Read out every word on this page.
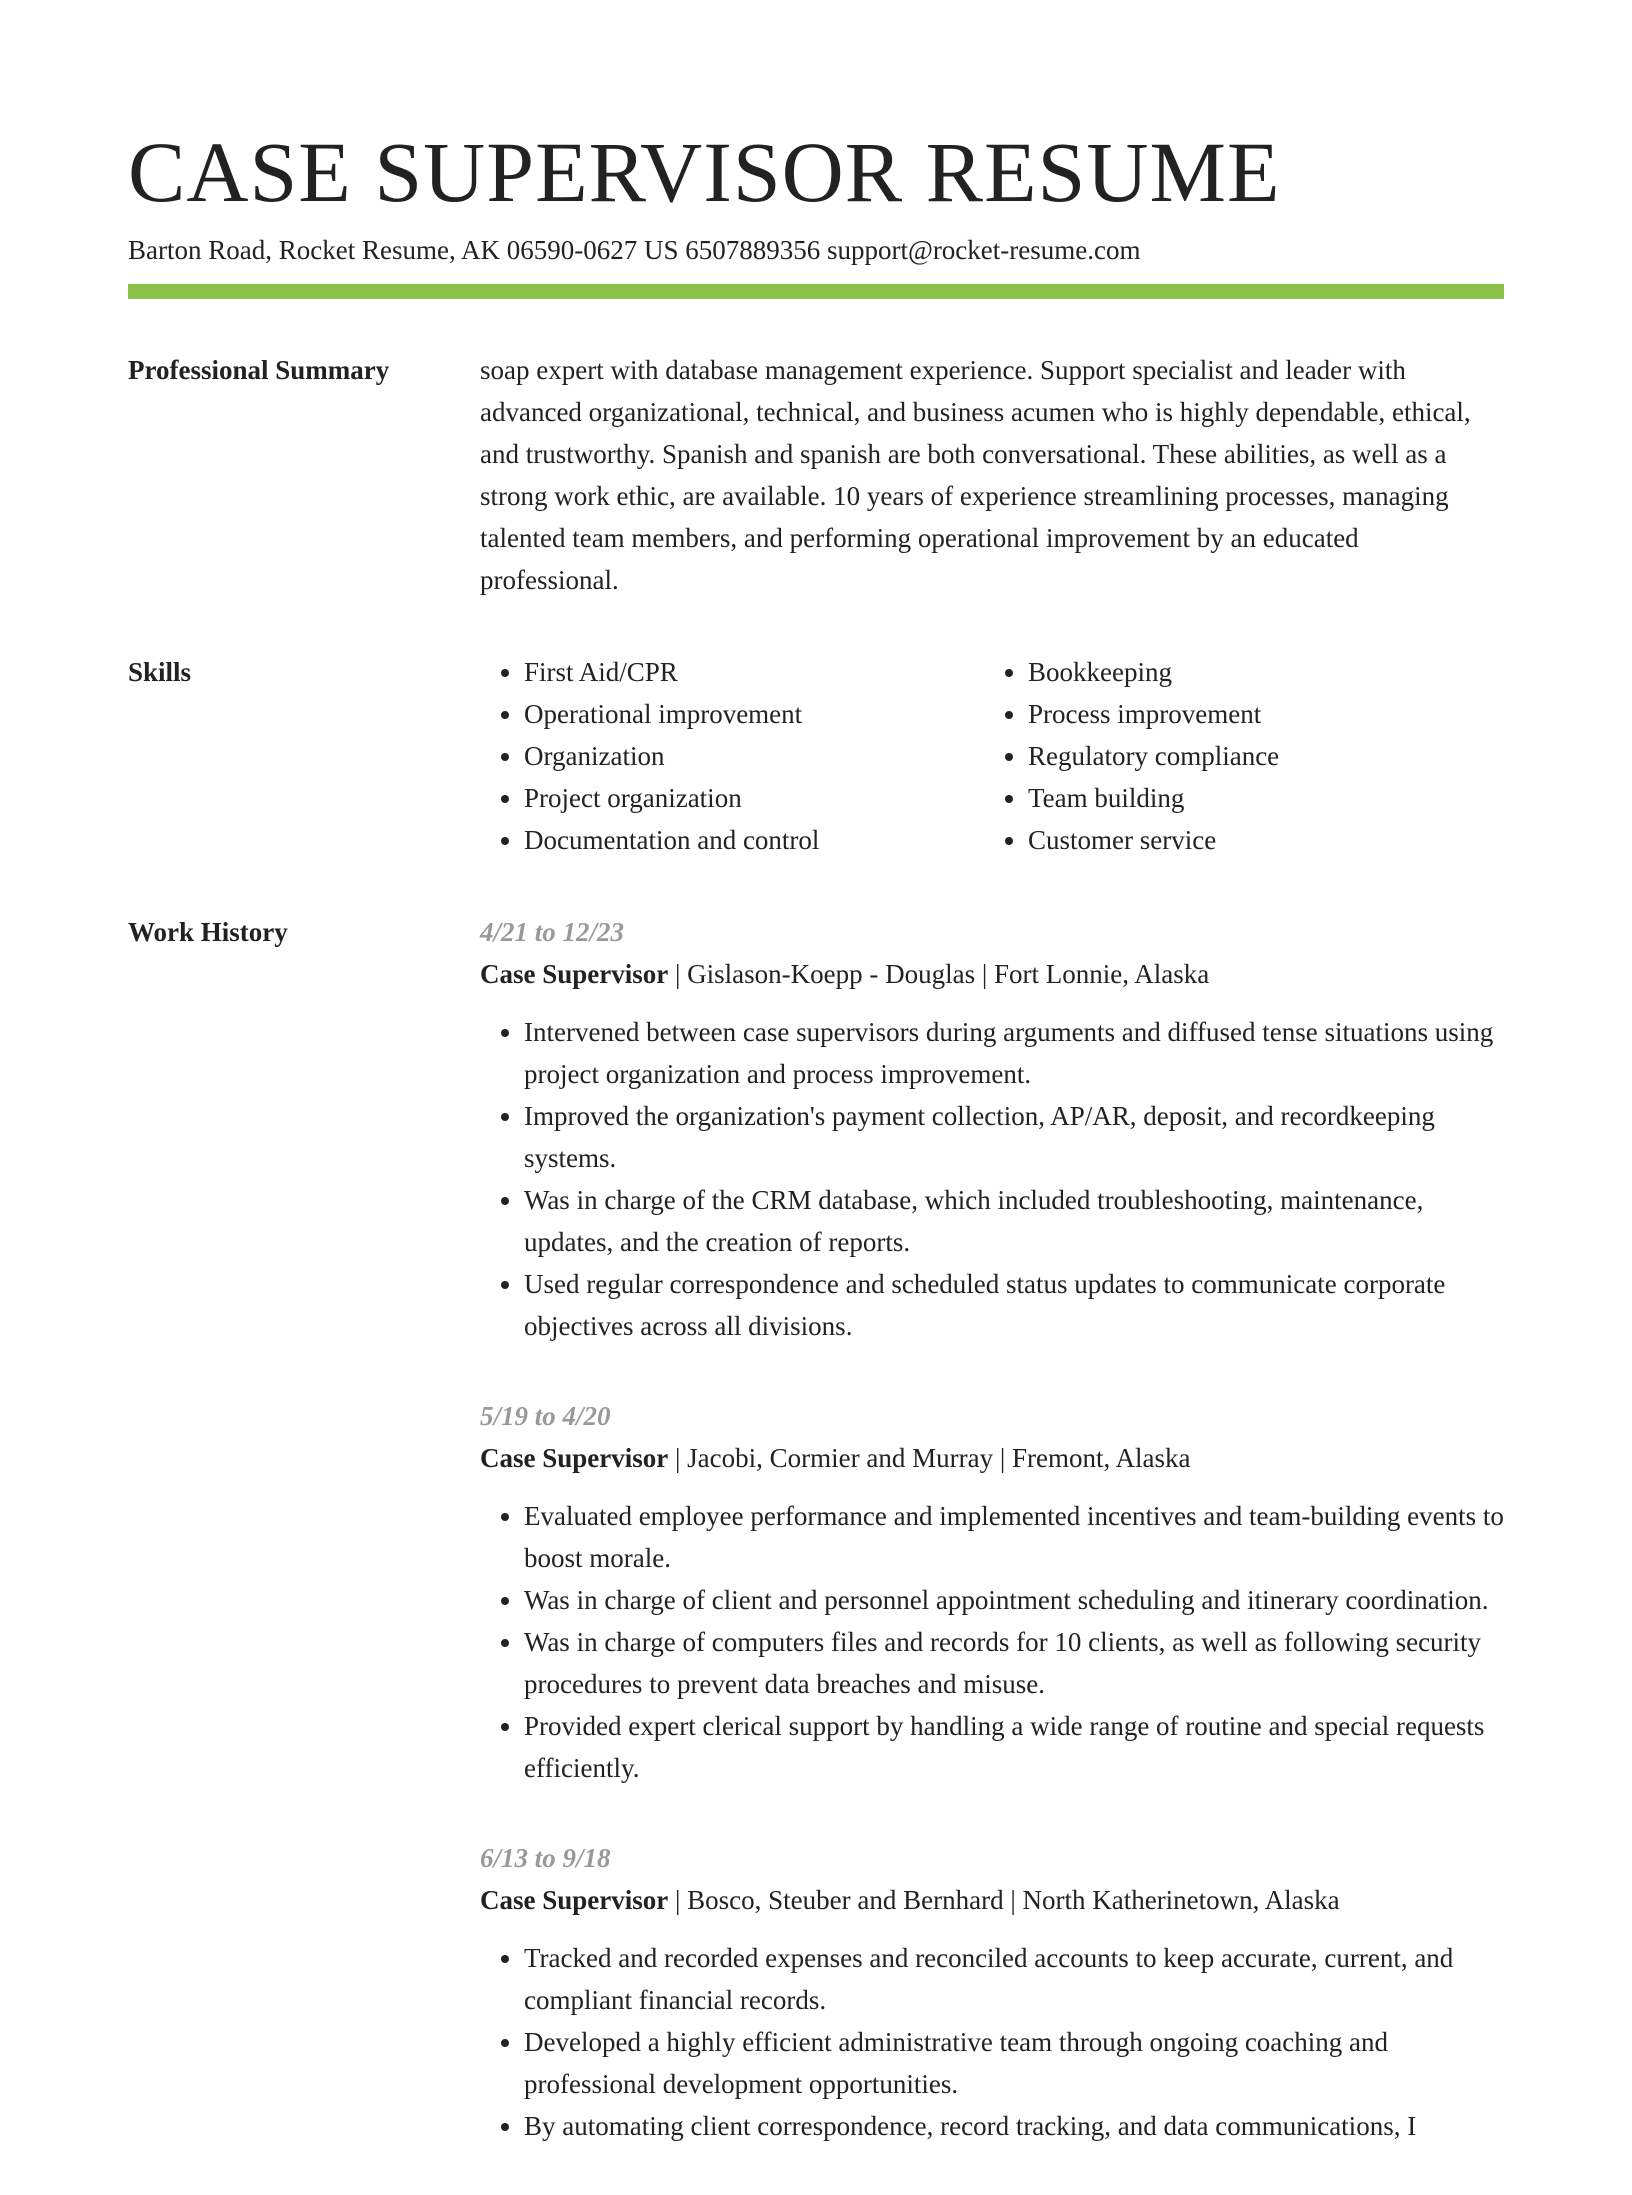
CASE SUPERVISOR RESUME
Barton Road, Rocket Resume, AK 06590-0627 US 6507889356 support@rocket-resume.com
Professional Summary	soap expert with database management experience. Support specialist and leader with advanced organizational, technical, and business acumen who is highly dependable, ethical, and trustworthy. Spanish and spanish are both conversational. These abilities, as well as a strong work ethic, are available. 10 years of experience streamlining processes, managing talented team members, and performing operational improvement by an educated professional.

Skills
•	First Aid/CPR
• Operational improvement
• Organization
• Project organization
• Documentation and control
• Bookkeeping
• Process improvement
• Regulatory compliance
• Team building
• Customer service
Work History	4/21 to 12/23
Case Supervisor | Gislason-Koepp - Douglas | Fort Lonnie, Alaska
• Intervened between case supervisors during arguments and diffused tense situations using project organization and process improvement.
• Improved the organization's payment collection, AP/AR, deposit, and recordkeeping systems.
• Was in charge of the CRM database, which included troubleshooting, maintenance, updates, and the creation of reports.
• Used regular correspondence and scheduled status updates to communicate corporate objectives across all divisions.
5/19 to 4/20
Case Supervisor | Jacobi, Cormier and Murray | Fremont, Alaska
• Evaluated employee performance and implemented incentives and team-building events to boost morale.
• Was in charge of client and personnel appointment scheduling and itinerary coordination.
• Was in charge of computers files and records for 10 clients, as well as following security procedures to prevent data breaches and misuse.
• Provided expert clerical support by handling a wide range of routine and special requests efficiently.
6/13 to 9/18
Case Supervisor | Bosco, Steuber and Bernhard | North Katherinetown, Alaska
• Tracked and recorded expenses and reconciled accounts to keep accurate, current, and compliant financial records.
• Developed a highly efficient administrative team through ongoing coaching and professional development opportunities.
• By automating client correspondence, record tracking, and data communications, I
